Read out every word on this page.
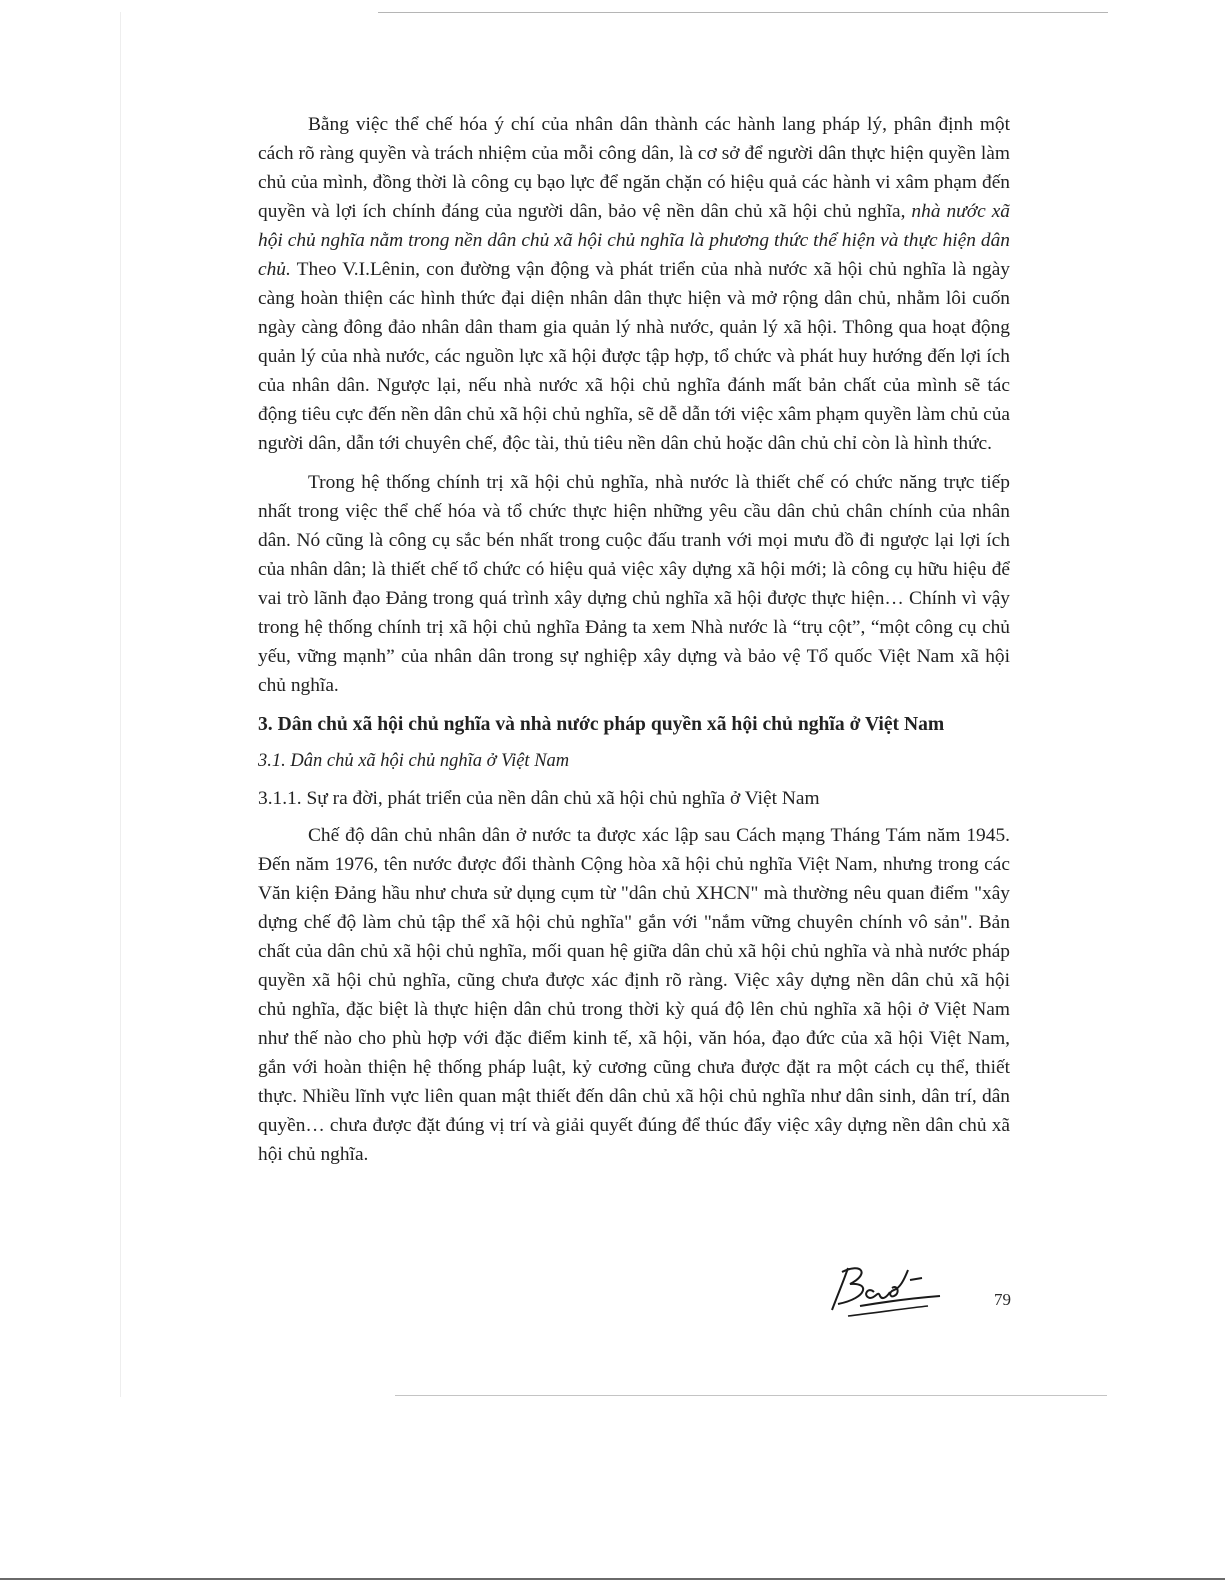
Bằng việc thể chế hóa ý chí của nhân dân thành các hành lang pháp lý, phân định một cách rõ ràng quyền và trách nhiệm của mỗi công dân, là cơ sở để người dân thực hiện quyền làm chủ của mình, đồng thời là công cụ bạo lực để ngăn chặn có hiệu quả các hành vi xâm phạm đến quyền và lợi ích chính đáng của người dân, bảo vệ nền dân chủ xã hội chủ nghĩa, nhà nước xã hội chủ nghĩa nằm trong nền dân chủ xã hội chủ nghĩa là phương thức thể hiện và thực hiện dân chủ. Theo V.I.Lênin, con đường vận động và phát triển của nhà nước xã hội chủ nghĩa là ngày càng hoàn thiện các hình thức đại diện nhân dân thực hiện và mở rộng dân chủ, nhằm lôi cuốn ngày càng đông đảo nhân dân tham gia quản lý nhà nước, quản lý xã hội. Thông qua hoạt động quản lý của nhà nước, các nguồn lực xã hội được tập hợp, tổ chức và phát huy hướng đến lợi ích của nhân dân. Ngược lại, nếu nhà nước xã hội chủ nghĩa đánh mất bản chất của mình sẽ tác động tiêu cực đến nền dân chủ xã hội chủ nghĩa, sẽ dễ dẫn tới việc xâm phạm quyền làm chủ của người dân, dẫn tới chuyên chế, độc tài, thủ tiêu nền dân chủ hoặc dân chủ chỉ còn là hình thức.

Trong hệ thống chính trị xã hội chủ nghĩa, nhà nước là thiết chế có chức năng trực tiếp nhất trong việc thể chế hóa và tổ chức thực hiện những yêu cầu dân chủ chân chính của nhân dân. Nó cũng là công cụ sắc bén nhất trong cuộc đấu tranh với mọi mưu đồ đi ngược lại lợi ích của nhân dân; là thiết chế tổ chức có hiệu quả việc xây dựng xã hội mới; là công cụ hữu hiệu để vai trò lãnh đạo Đảng trong quá trình xây dựng chủ nghĩa xã hội được thực hiện… Chính vì vậy trong hệ thống chính trị xã hội chủ nghĩa Đảng ta xem Nhà nước là “trụ cột”, “một công cụ chủ yếu, vững mạnh” của nhân dân trong sự nghiệp xây dựng và bảo vệ Tổ quốc Việt Nam xã hội chủ nghĩa.

3. Dân chủ xã hội chủ nghĩa và nhà nước pháp quyền xã hội chủ nghĩa ở Việt Nam

3.1. Dân chủ xã hội chủ nghĩa ở Việt Nam

3.1.1. Sự ra đời, phát triển của nền dân chủ xã hội chủ nghĩa ở Việt Nam

Chế độ dân chủ nhân dân ở nước ta được xác lập sau Cách mạng Tháng Tám năm 1945. Đến năm 1976, tên nước được đổi thành Cộng hòa xã hội chủ nghĩa Việt Nam, nhưng trong các Văn kiện Đảng hầu như chưa sử dụng cụm từ "dân chủ XHCN" mà thường nêu quan điểm "xây dựng chế độ làm chủ tập thể xã hội chủ nghĩa" gắn với "nắm vững chuyên chính vô sản". Bản chất của dân chủ xã hội chủ nghĩa, mối quan hệ giữa dân chủ xã hội chủ nghĩa và nhà nước pháp quyền xã hội chủ nghĩa, cũng chưa được xác định rõ ràng. Việc xây dựng nền dân chủ xã hội chủ nghĩa, đặc biệt là thực hiện dân chủ trong thời kỳ quá độ lên chủ nghĩa xã hội ở Việt Nam như thế nào cho phù hợp với đặc điểm kinh tế, xã hội, văn hóa, đạo đức của xã hội Việt Nam, gắn với hoàn thiện hệ thống pháp luật, kỷ cương cũng chưa được đặt ra một cách cụ thể, thiết thực. Nhiều lĩnh vực liên quan mật thiết đến dân chủ xã hội chủ nghĩa như dân sinh, dân trí, dân quyền… chưa được đặt đúng vị trí và giải quyết đúng để thúc đẩy việc xây dựng nền dân chủ xã hội chủ nghĩa.

79
